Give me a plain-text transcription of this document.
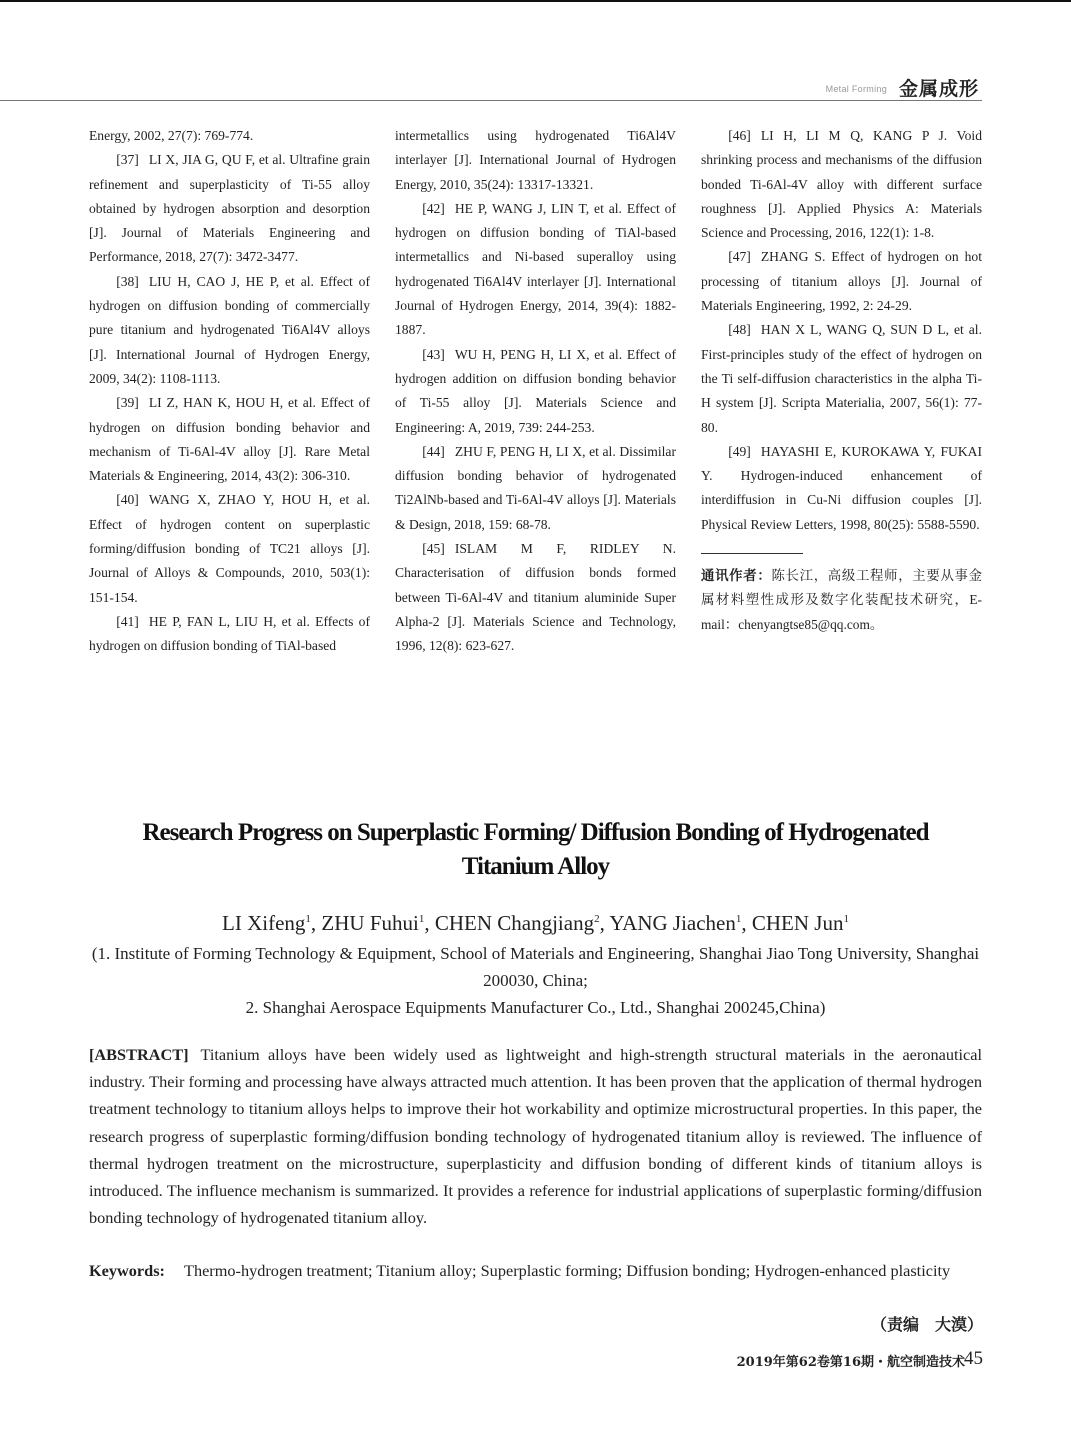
Metal Forming 金属成形

Energy, 2002, 27(7): 769-774.

[37] LI X, JIA G, QU F, et al. Ultrafine grain refinement and superplasticity of Ti-55 alloy obtained by hydrogen absorption and desorption [J]. Journal of Materials Engineering and Performance, 2018, 27(7): 3472-3477.

[38] LIU H, CAO J, HE P, et al. Effect of hydrogen on diffusion bonding of commercially pure titanium and hydrogenated Ti6Al4V alloys [J]. International Journal of Hydrogen Energy, 2009, 34(2): 1108-1113.

[39] LI Z, HAN K, HOU H, et al. Effect of hydrogen on diffusion bonding behavior and mechanism of Ti-6Al-4V alloy [J]. Rare Metal Materials & Engineering, 2014, 43(2): 306-310.

[40] WANG X, ZHAO Y, HOU H, et al. Effect of hydrogen content on superplastic forming/diffusion bonding of TC21 alloys [J]. Journal of Alloys & Compounds, 2010, 503(1): 151-154.

[41] HE P, FAN L, LIU H, et al. Effects of hydrogen on diffusion bonding of TiAl-based

intermetallics using hydrogenated Ti6Al4V interlayer [J]. International Journal of Hydrogen Energy, 2010, 35(24): 13317-13321.

[42] HE P, WANG J, LIN T, et al. Effect of hydrogen on diffusion bonding of TiAl-based intermetallics and Ni-based superalloy using hydrogenated Ti6Al4V interlayer [J]. International Journal of Hydrogen Energy, 2014, 39(4): 1882-1887.

[43] WU H, PENG H, LI X, et al. Effect of hydrogen addition on diffusion bonding behavior of Ti-55 alloy [J]. Materials Science and Engineering: A, 2019, 739: 244-253.

[44] ZHU F, PENG H, LI X, et al. Dissimilar diffusion bonding behavior of hydrogenated Ti2AlNb-based and Ti-6Al-4V alloys [J]. Materials & Design, 2018, 159: 68-78.

[45] ISLAM M F, RIDLEY N. Characterisation of diffusion bonds formed between Ti-6Al-4V and titanium aluminide Super Alpha-2 [J]. Materials Science and Technology, 1996, 12(8): 623-627.

[46] LI H, LI M Q, KANG P J. Void shrinking process and mechanisms of the diffusion bonded Ti-6Al-4V alloy with different surface roughness [J]. Applied Physics A: Materials Science and Processing, 2016, 122(1): 1-8.

[47] ZHANG S. Effect of hydrogen on hot processing of titanium alloys [J]. Journal of Materials Engineering, 1992, 2: 24-29.

[48] HAN X L, WANG Q, SUN D L, et al. First-principles study of the effect of hydrogen on the Ti self-diffusion characteristics in the alpha Ti-H system [J]. Scripta Materialia, 2007, 56(1): 77-80.

[49] HAYASHI E, KUROKAWA Y, FUKAI Y. Hydrogen-induced enhancement of interdiffusion in Cu-Ni diffusion couples [J]. Physical Review Letters, 1998, 80(25): 5588-5590.

通讯作者：陈长江，高级工程师，主要从事金属材料塑性成形及数字化装配技术研究，E-mail：chenyangtse85@qq.com。
Research Progress on Superplastic Forming/ Diffusion Bonding of Hydrogenated Titanium Alloy
LI Xifeng$^1$, ZHU Fuhui$^1$, CHEN Changjiang$^2$, YANG Jiachen$^1$, CHEN Jun$^1$

(1. Institute of Forming Technology & Equipment, School of Materials and Engineering, Shanghai Jiao Tong University, Shanghai 200030, China;

2. Shanghai Aerospace Equipments Manufacturer Co., Ltd., Shanghai 200245,China)

[ABSTRACT] Titanium alloys have been widely used as lightweight and high-strength structural materials in the aeronautical industry. Their forming and processing have always attracted much attention. It has been proven that the application of thermal hydrogen treatment technology to titanium alloys helps to improve their hot workability and optimize microstructural properties. In this paper, the research progress of superplastic forming/diffusion bonding technology of hydrogenated titanium alloy is reviewed. The influence of thermal hydrogen treatment on the microstructure, superplasticity and diffusion bonding of different kinds of titanium alloys is introduced. The influence mechanism is summarized. It provides a reference for industrial applications of superplastic forming/diffusion bonding technology of hydrogenated titanium alloy.
Keywords: Thermo-hydrogen treatment; Titanium alloy; Superplastic forming; Diffusion bonding; Hydrogen-enhanced plasticity
（责编　大漠）
2019年第62卷第16期・航空制造技术 45
